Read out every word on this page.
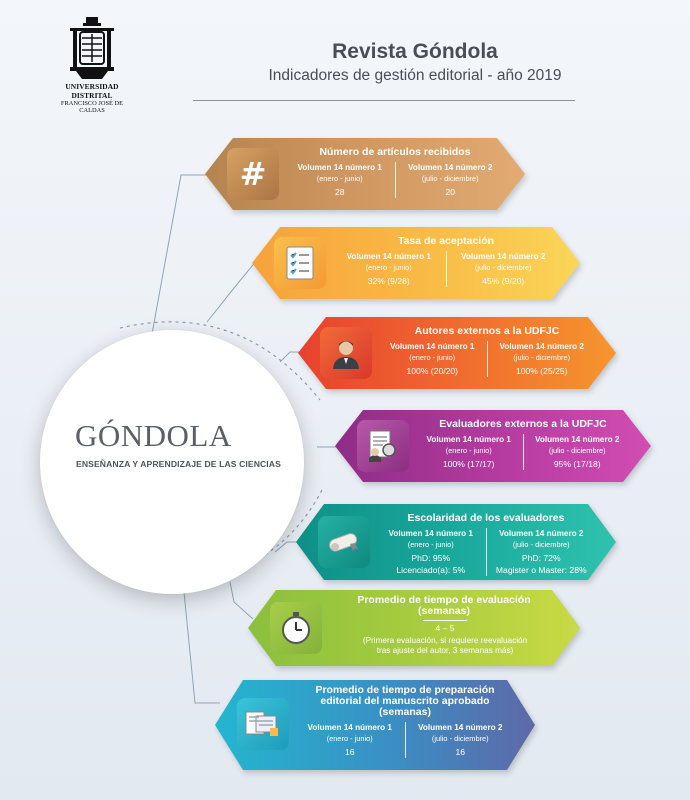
UNIVERSIDAD DISTRITAL
FRANCISCO JOSÉ DE CALDAS
Revista Góndola
Indicadores de gestión editorial - año 2019
GÓNDOLA
ENSEÑANZA Y APRENDIZAJE DE LAS CIENCIAS
#
Número de artículos recibidos
Volumen 14 número 1
(enero - junio)
28
Volumen 14 número 2
(julio - diciembre)
20
Tasa de aceptación
Volumen 14 número 1
(enero - junio)
32% (9/28)
Volumen 14 número 2
(julio - diciembre)
45% (9/20)
Autores externos a la UDFJC
Volumen 14 número 1
(enero - junio)
100% (20/20)
Volumen 14 número 2
(julio - diciembre)
100% (25/25)
Evaluadores externos a la UDFJC
Volumen 14 número 1
(enero - junio)
100% (17/17)
Volumen 14 número 2
(julio - diciembre)
95% (17/18)
Escolaridad de los evaluadores
Volumen 14 número 1
(enero - junio)
PhD: 95%
Licenciado(a): 5%
Volumen 14 número 2
(julio - diciembre)
PhD: 72%
Magister o Master: 28%
Promedio de tiempo de evaluación
(semanas)
4 – 5
(Primera evaluación, si requiere reevaluación
tras ajuste del autor, 3 semanas más)
Promedio de tiempo de preparación
editorial del manuscrito aprobado
(semanas)
Volumen 14 número 1
(enero - junio)
16
Volumen 14 número 2
(julio - diciembre)
16
